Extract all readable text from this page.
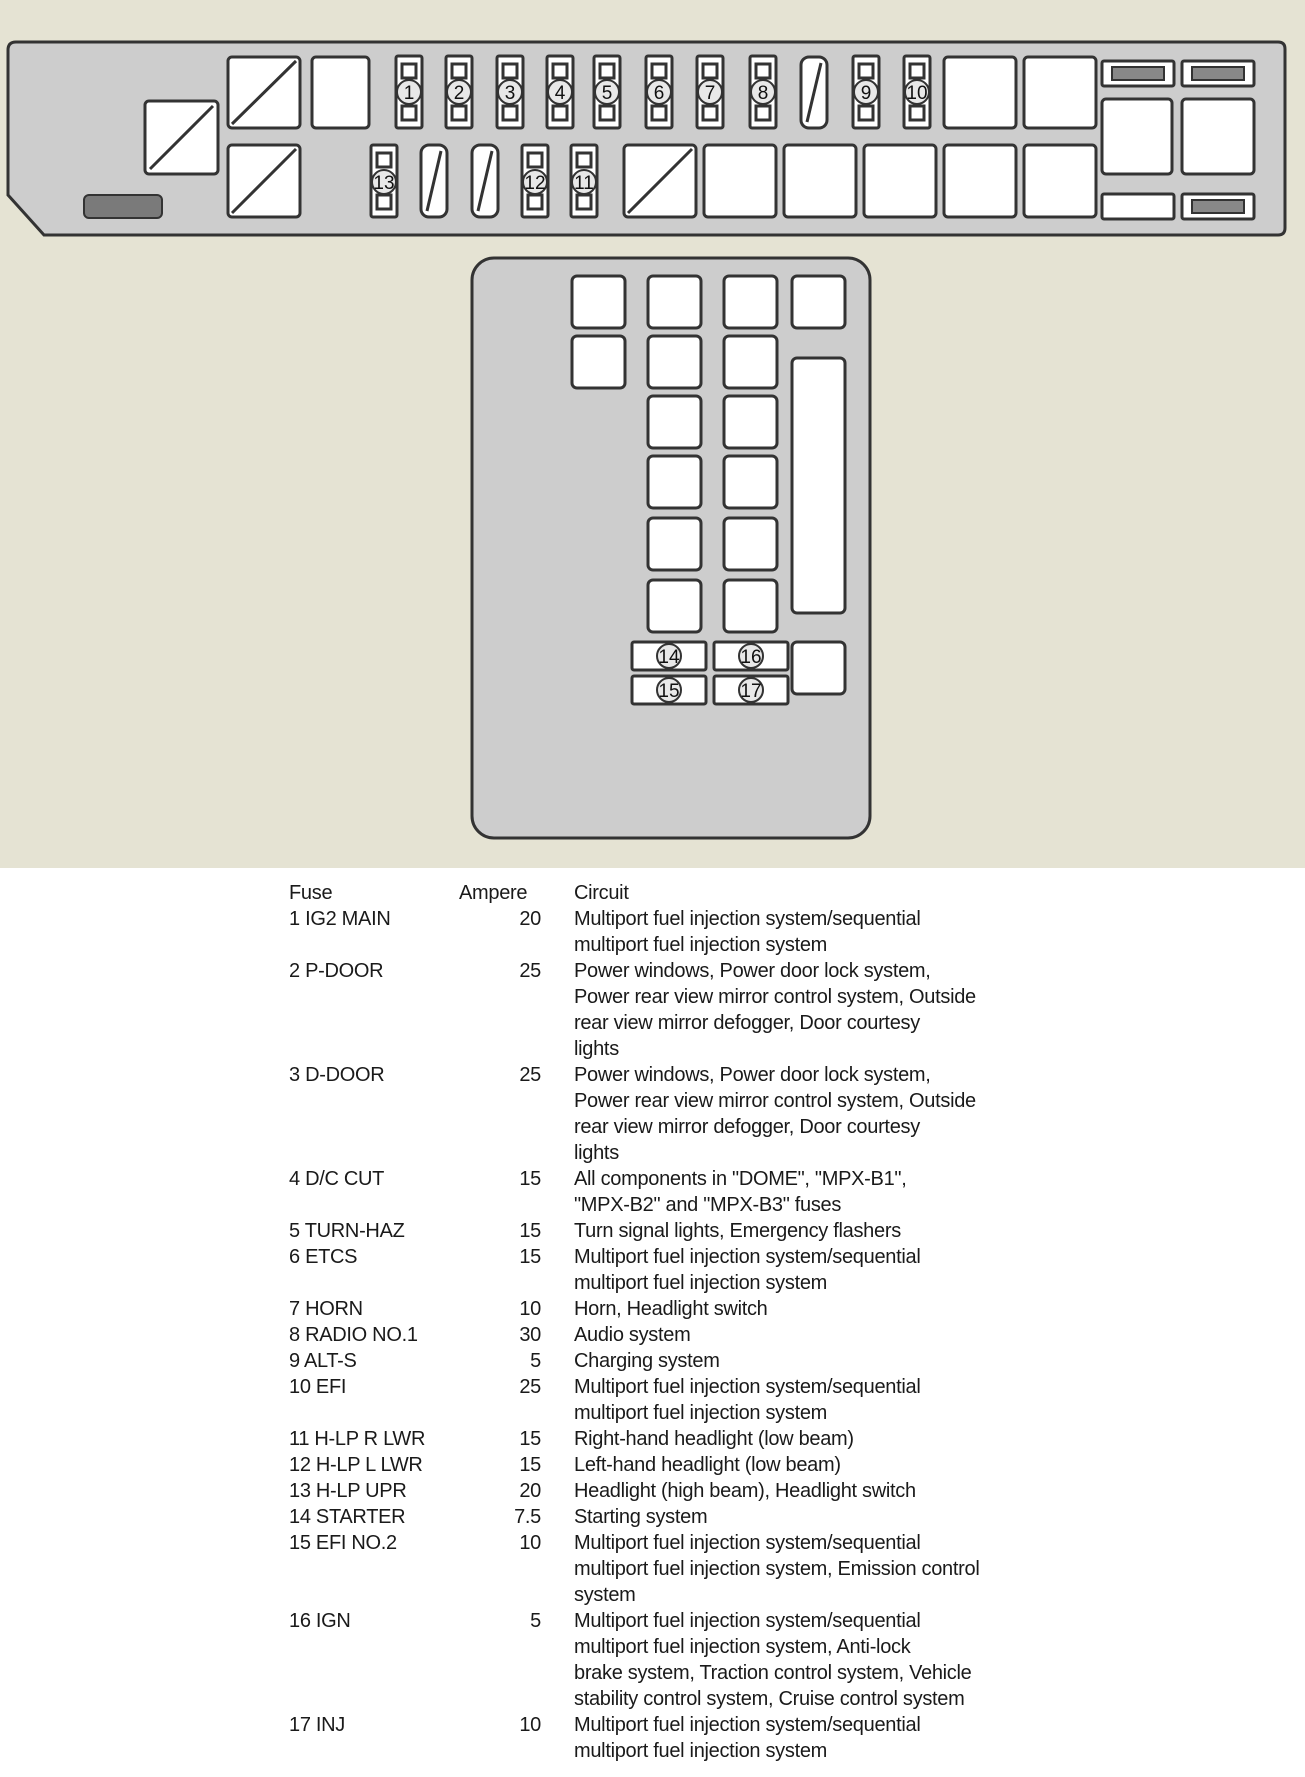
1 2 3 4 5 6 7 8	9 10
13	12 11
14	16
15	17
Fuse	Ampere	Circuit
1 IG2 MAIN	20	Multiport fuel injection system/sequential
multiport fuel injection system
2 P-DOOR	25	Power windows, Power door lock system,
Power rear view mirror control system, Outside
rear view mirror defogger, Door courtesy
lights
3 D-DOOR	25	Power windows, Power door lock system,
Power rear view mirror control system, Outside
rear view mirror defogger, Door courtesy
lights
4 D/C CUT	15	All components in "DOME", "MPX-B1",
"MPX-B2" and "MPX-B3" fuses
5 TURN-HAZ	15	Turn signal lights, Emergency flashers
6 ETCS	15	Multiport fuel injection system/sequential
multiport fuel injection system
7 HORN	10	Horn, Headlight switch
8 RADIO NO.1	30	Audio system
9 ALT-S	5	Charging system
10 EFI	25	Multiport fuel injection system/sequential
multiport fuel injection system
11 H-LP R LWR	15	Right-hand headlight (low beam)
12 H-LP L LWR	15	Left-hand headlight (low beam)
13 H-LP UPR	20	Headlight (high beam), Headlight switch
14 STARTER	7.5	Starting system
15 EFI NO.2	10	Multiport fuel injection system/sequential
multiport fuel injection system, Emission control
system
16 IGN	5	Multiport fuel injection system/sequential
multiport fuel injection system, Anti-lock
brake system, Traction control system, Vehicle
stability control system, Cruise control system
17 INJ	10	Multiport fuel injection system/sequential
multiport fuel injection system
